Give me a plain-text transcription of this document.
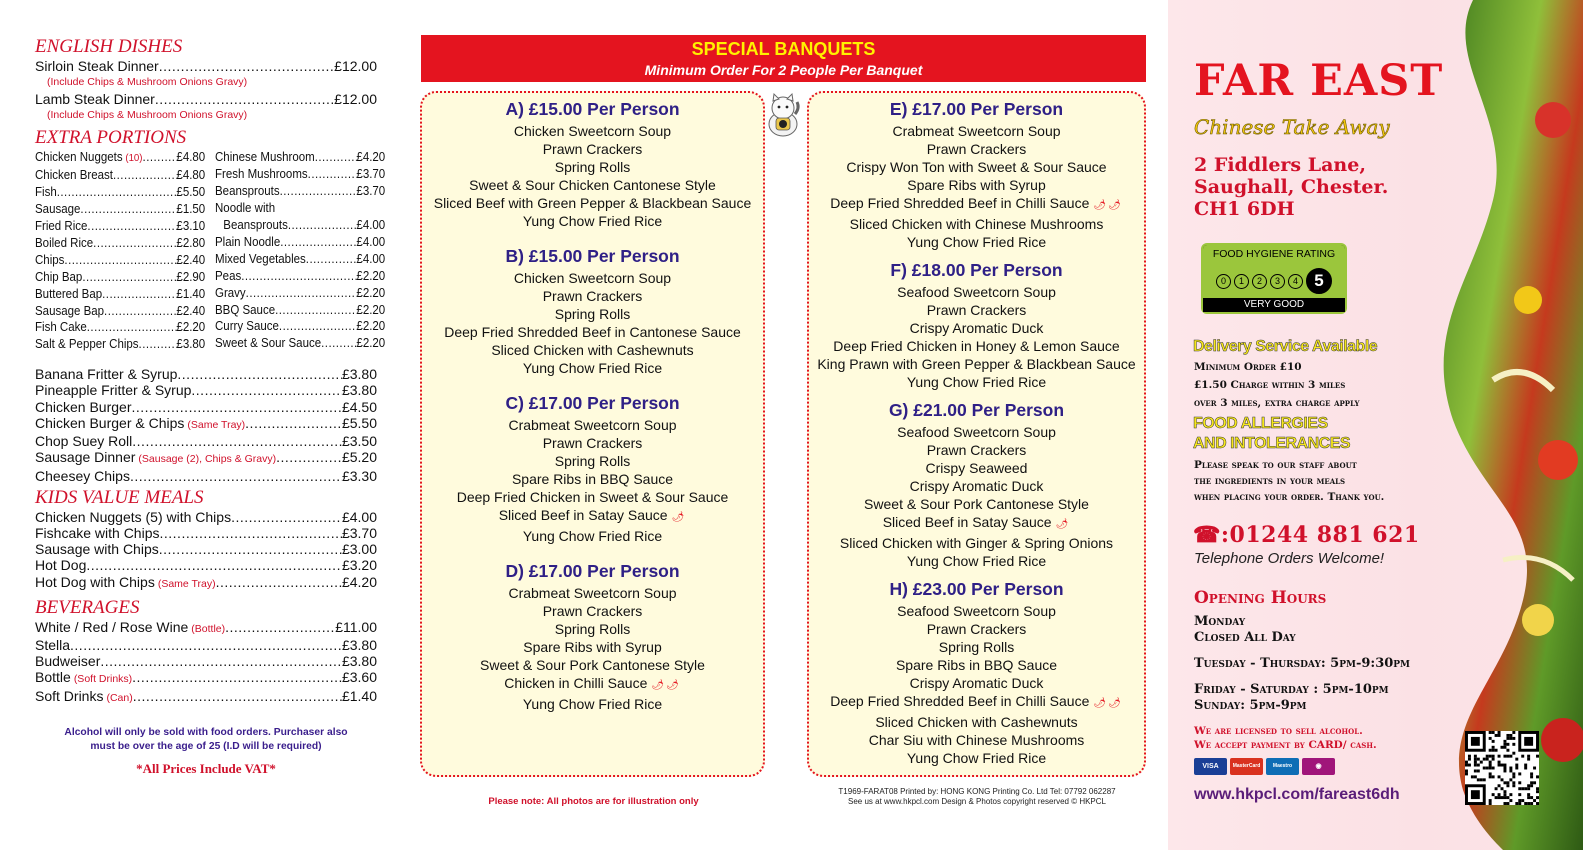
ENGLISH DISHES
Sirloin Steak Dinner .....	£12.00
(Include Chips & Mushroom Onions Gravy)
Lamb Steak Dinner .....	£12.00
(Include Chips & Mushroom Onions Gravy)
EXTRA PORTIONS
Chicken Nuggets (10) .....	£4.80
Chicken Breast .....	£4.80
Fish .....	£5.50
Sausage .....	£1.50
Fried Rice .....	£3.10
Boiled Rice .....	£2.80
Chips .....	£2.40
Chip Bap .....	£2.90
Buttered Bap .....	£1.40
Sausage Bap .....	£2.40
Fish Cake .....	£2.20
Salt & Pepper Chips .....	£3.80
Chinese Mushroom .....	£4.20
Fresh Mushrooms .....	£3.70
Beansprouts .....	£3.70
Noodle with
Beansprouts .....	£4.00
Plain Noodle .....	£4.00
Mixed Vegetables .....	£4.00
Peas .....	£2.20
Gravy .....	£2.20
BBQ Sauce .....	£2.20
Curry Sauce .....	£2.20
Sweet & Sour Sauce .....	£2.20
Banana Fritter & Syrup .....	£3.80
Pineapple Fritter & Syrup .....	£3.80
Chicken Burger .....	£4.50
Chicken Burger & Chips (Same Tray) .....	£5.50
Chop Suey Roll .....	£3.50
Sausage Dinner (Sausage (2), Chips & Gravy) .....	£5.20
Cheesey Chips .....	£3.30
KIDS VALUE MEALS
Chicken Nuggets (5) with Chips .....	£4.00
Fishcake with Chips .....	£3.70
Sausage with Chips .....	£3.00
Hot Dog .....	£3.20
Hot Dog with Chips (Same Tray) .....	£4.20
BEVERAGES
White / Red / Rose Wine (Bottle) .....	£11.00
Stella .....	£3.80
Budweiser .....	£3.80
Bottle (Soft Drinks) .....	£3.60
Soft Drinks (Can) .....	£1.40
Alcohol will only be sold with food orders. Purchaser also
must be over the age of 25 (I.D will be required)
*All Prices Include VAT*
SPECIAL BANQUETS
Minimum Order For 2 People Per Banquet
A) £15.00 Per Person
Chicken Sweetcorn Soup
Prawn Crackers
Spring Rolls
Sweet & Sour Chicken Cantonese Style
Sliced Beef with Green Pepper & Blackbean Sauce
Yung Chow Fried Rice
B) £15.00 Per Person
Chicken Sweetcorn Soup
Prawn Crackers
Spring Rolls
Deep Fried Shredded Beef in Cantonese Sauce
Sliced Chicken with Cashewnuts
Yung Chow Fried Rice
C) £17.00 Per Person
Crabmeat Sweetcorn Soup
Prawn Crackers
Spring Rolls
Spare Ribs in BBQ Sauce
Deep Fried Chicken in Sweet & Sour Sauce
Sliced Beef in Satay Sauce🌶
Yung Chow Fried Rice
D) £17.00 Per Person
Crabmeat Sweetcorn Soup
Prawn Crackers
Spring Rolls
Spare Ribs with Syrup
Sweet & Sour Pork Cantonese Style
Chicken in Chilli Sauce🌶🌶
Yung Chow Fried Rice
E) £17.00 Per Person
Crabmeat Sweetcorn Soup
Prawn Crackers
Crispy Won Ton with Sweet & Sour Sauce
Spare Ribs with Syrup
Deep Fried Shredded Beef in Chilli Sauce🌶🌶
Sliced Chicken with Chinese Mushrooms
Yung Chow Fried Rice
F) £18.00 Per Person
Seafood Sweetcorn Soup
Prawn Crackers
Crispy Aromatic Duck
Deep Fried Chicken in Honey & Lemon Sauce
King Prawn with Green Pepper & Blackbean Sauce
Yung Chow Fried Rice
G) £21.00 Per Person
Seafood Sweetcorn Soup
Prawn Crackers
Crispy Seaweed
Crispy Aromatic Duck
Sweet & Sour Pork Cantonese Style
Sliced Beef in Satay Sauce🌶
Sliced Chicken with Ginger & Spring Onions
Yung Chow Fried Rice
H) £23.00 Per Person
Seafood Sweetcorn Soup
Prawn Crackers
Spring Rolls
Spare Ribs in BBQ Sauce
Crispy Aromatic Duck
Deep Fried Shredded Beef in Chilli Sauce🌶🌶
Sliced Chicken with Cashewnuts
Char Siu with Chinese Mushrooms
Yung Chow Fried Rice
Please note: All photos are for illustration only
T1969-FARAT08 Printed by: HONG KONG Printing Co. Ltd Tel: 07792 062287
See us at www.hkpcl.com Design & Photos copyright reserved © HKPCL
FAR EAST
Chinese Take Away
2 Fiddlers Lane,
Saughall, Chester.
CH1 6DH
FOOD HYGIENE RATING
0	1	2	3	4 5
VERY GOOD
Delivery Service Available
Minimum Order £10
£1.50 Charge within 3 miles
over 3 miles, extra charge apply
FOOD ALLERGIES
AND INTOLERANCES
Please speak to our staff about
the ingredients in your meals
when placing your order. Thank you.
☎:01244 881 621
Telephone Orders Welcome!
Opening Hours
Monday
Closed All Day
Tuesday - Thursday: 5pm-9:30pm
Friday - Saturday : 5pm-10pm
Sunday: 5pm-9pm
We are licensed to sell alcohol.
We accept payment by CARD/ cash.
VISA	MasterCard	Maestro	◉
www.hkpcl.com/fareast6dh
